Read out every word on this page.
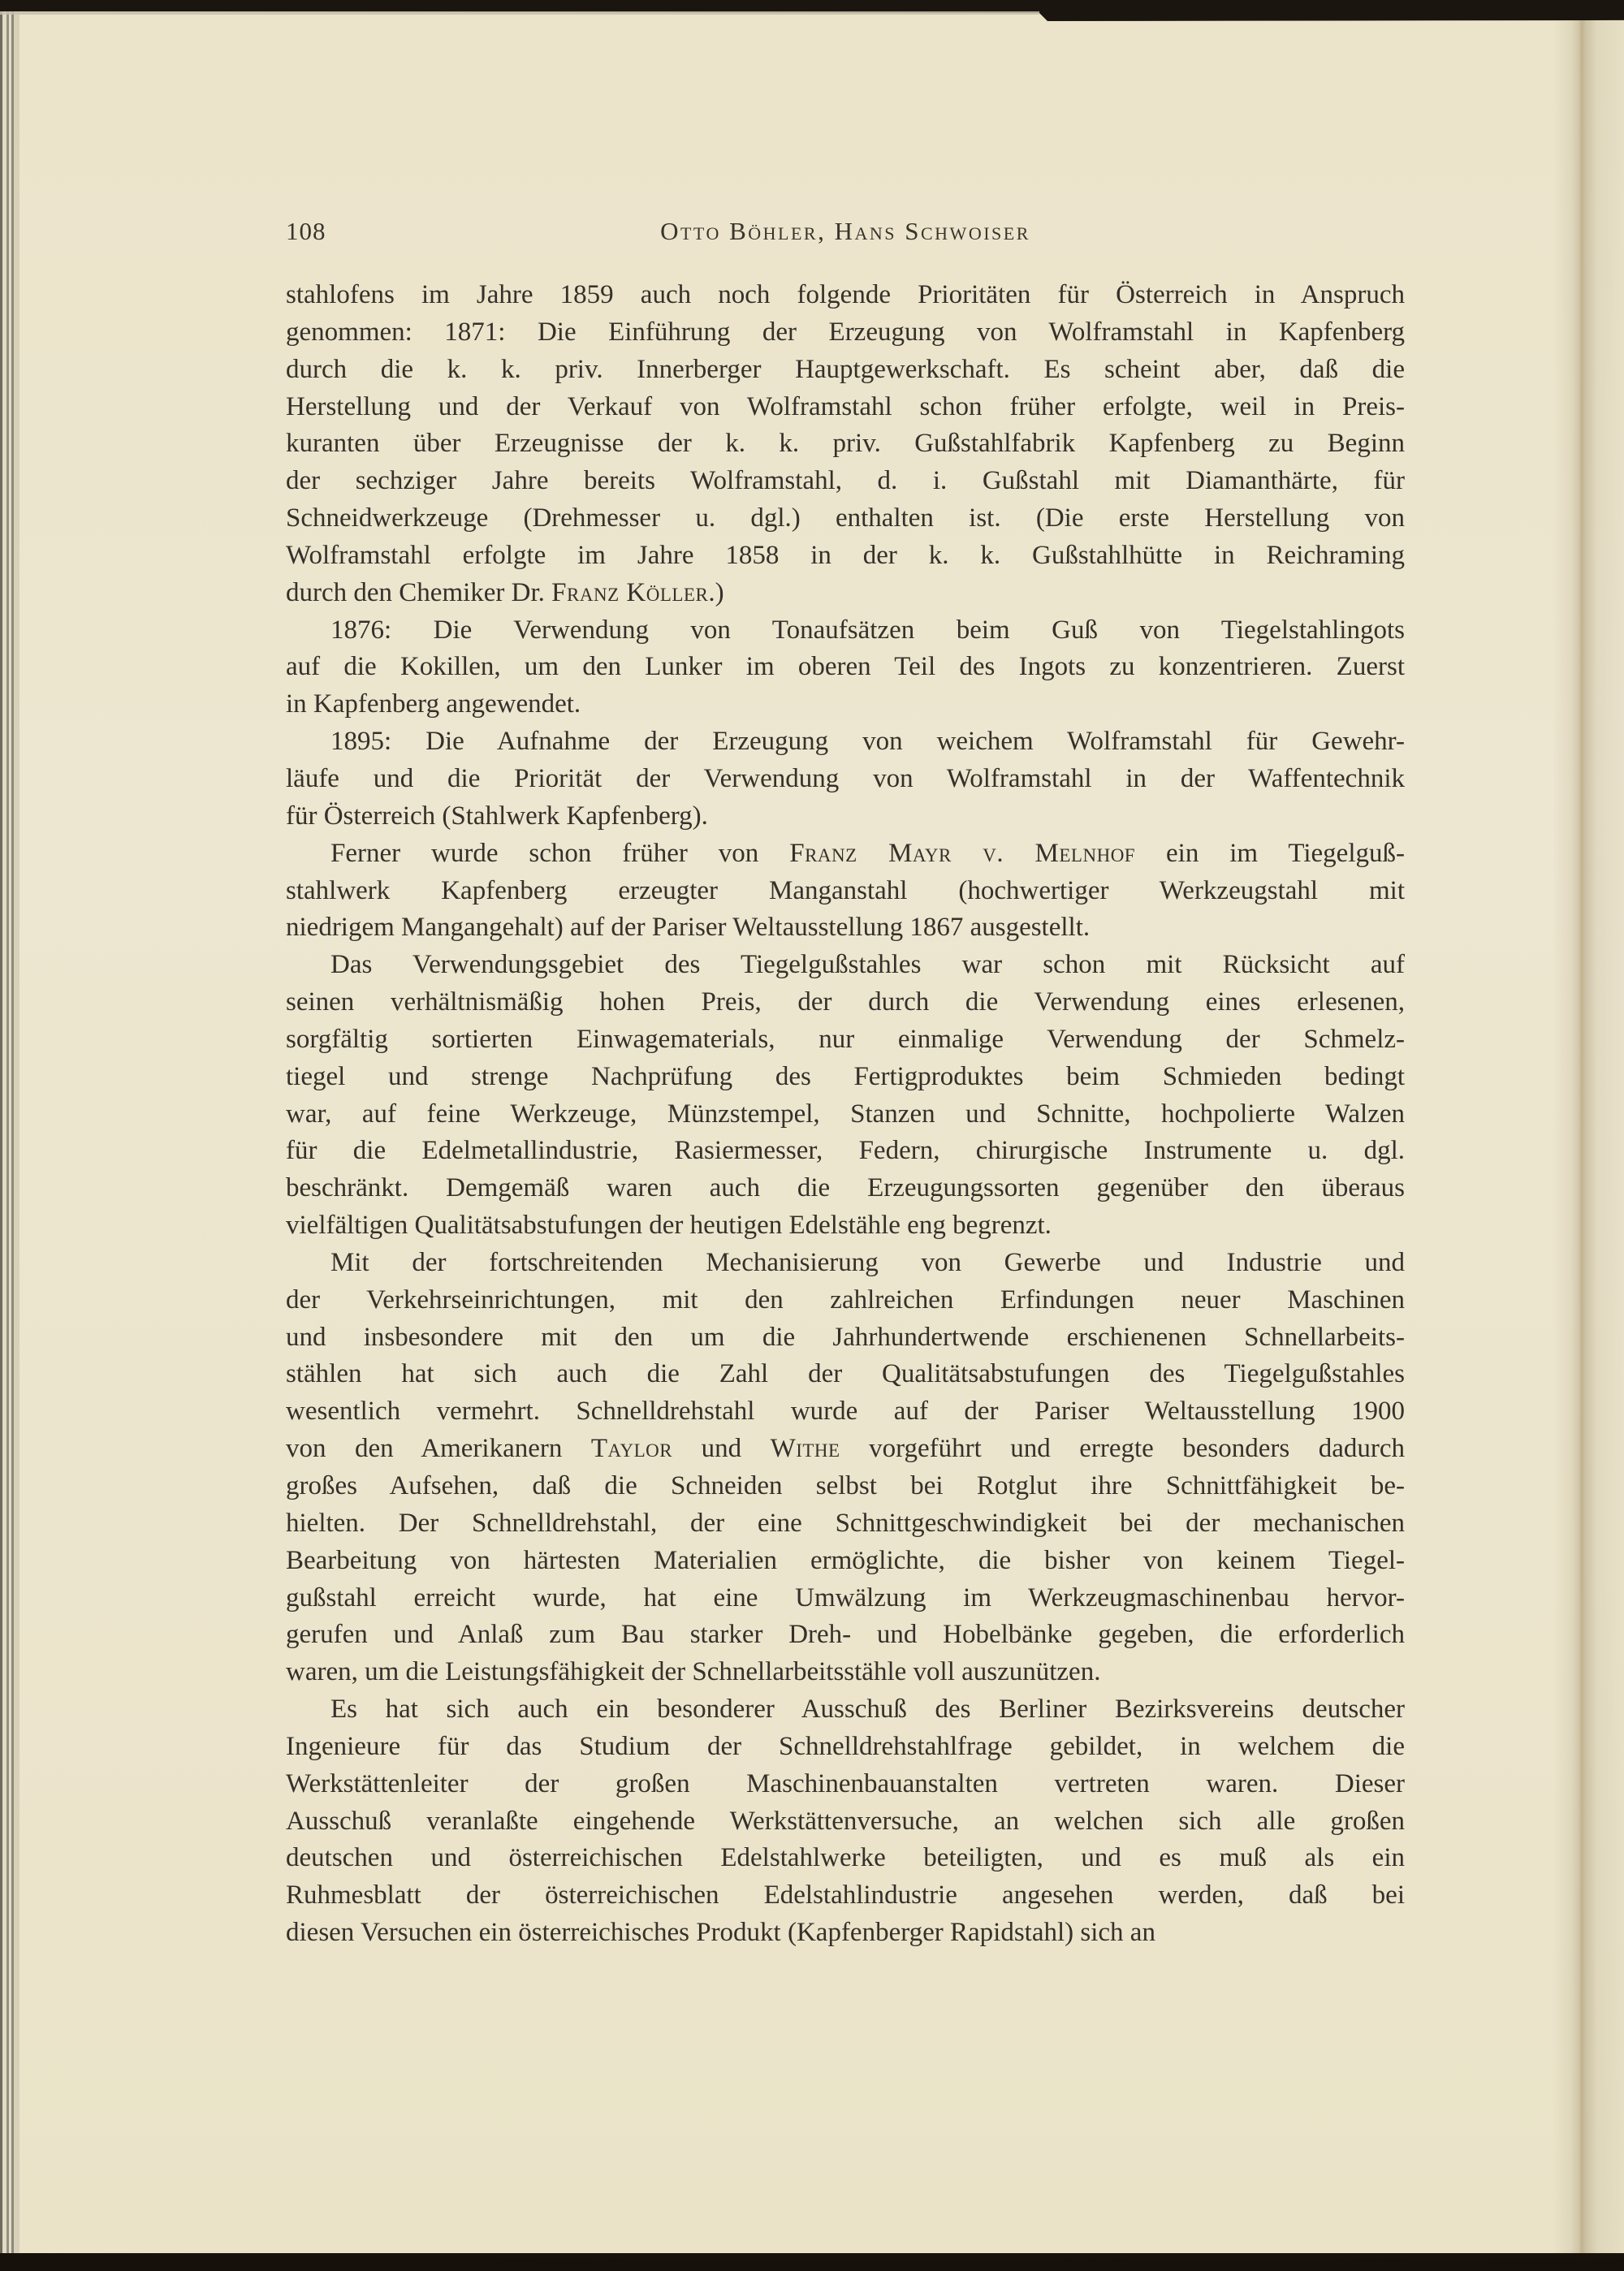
108	Otto Böhler, Hans Schwoiser
stahlofens im Jahre 1859 auch noch folgende Prioritäten für Österreich in Anspruch
genommen: 1871: Die Einführung der Erzeugung von Wolframstahl in Kapfenberg
durch die k. k. priv. Innerberger Hauptgewerkschaft. Es scheint aber, daß die
Herstellung und der Verkauf von Wolframstahl schon früher erfolgte, weil in Preis-
kuranten über Erzeugnisse der k. k. priv. Gußstahlfabrik Kapfenberg zu Beginn
der sechziger Jahre bereits Wolframstahl, d. i. Gußstahl mit Diamanthärte, für
Schneidwerkzeuge (Drehmesser u. dgl.) enthalten ist. (Die erste Herstellung von
Wolframstahl erfolgte im Jahre 1858 in der k. k. Gußstahlhütte in Reichraming
durch den Chemiker Dr. Franz Köller.)
1876: Die Verwendung von Tonaufsätzen beim Guß von Tiegelstahlingots
auf die Kokillen, um den Lunker im oberen Teil des Ingots zu konzentrieren. Zuerst
in Kapfenberg angewendet.
1895: Die Aufnahme der Erzeugung von weichem Wolframstahl für Gewehr-
läufe und die Priorität der Verwendung von Wolframstahl in der Waffentechnik
für Österreich (Stahlwerk Kapfenberg).
Ferner wurde schon früher von Franz Mayr v. Melnhof ein im Tiegelguß-
stahlwerk Kapfenberg erzeugter Manganstahl (hochwertiger Werkzeugstahl mit
niedrigem Mangangehalt) auf der Pariser Weltausstellung 1867 ausgestellt.
Das Verwendungsgebiet des Tiegelgußstahles war schon mit Rücksicht auf
seinen verhältnismäßig hohen Preis, der durch die Verwendung eines erlesenen,
sorgfältig sortierten Einwagematerials, nur einmalige Verwendung der Schmelz-
tiegel und strenge Nachprüfung des Fertigproduktes beim Schmieden bedingt
war, auf feine Werkzeuge, Münzstempel, Stanzen und Schnitte, hochpolierte Walzen
für die Edelmetallindustrie, Rasiermesser, Federn, chirurgische Instrumente u. dgl.
beschränkt. Demgemäß waren auch die Erzeugungssorten gegenüber den überaus
vielfältigen Qualitätsabstufungen der heutigen Edelstähle eng begrenzt.
Mit der fortschreitenden Mechanisierung von Gewerbe und Industrie und
der Verkehrseinrichtungen, mit den zahlreichen Erfindungen neuer Maschinen
und insbesondere mit den um die Jahrhundertwende erschienenen Schnellarbeits-
stählen hat sich auch die Zahl der Qualitätsabstufungen des Tiegelgußstahles
wesentlich vermehrt. Schnelldrehstahl wurde auf der Pariser Weltausstellung 1900
von den Amerikanern Taylor und Withe vorgeführt und erregte besonders dadurch
großes Aufsehen, daß die Schneiden selbst bei Rotglut ihre Schnittfähigkeit be-
hielten. Der Schnelldrehstahl, der eine Schnittgeschwindigkeit bei der mechanischen
Bearbeitung von härtesten Materialien ermöglichte, die bisher von keinem Tiegel-
gußstahl erreicht wurde, hat eine Umwälzung im Werkzeugmaschinenbau hervor-
gerufen und Anlaß zum Bau starker Dreh- und Hobelbänke gegeben, die erforderlich
waren, um die Leistungsfähigkeit der Schnellarbeitsstähle voll auszunützen.
Es hat sich auch ein besonderer Ausschuß des Berliner Bezirksvereins deutscher
Ingenieure für das Studium der Schnelldrehstahlfrage gebildet, in welchem die
Werkstättenleiter der großen Maschinenbauanstalten vertreten waren. Dieser
Ausschuß veranlaßte eingehende Werkstättenversuche, an welchen sich alle großen
deutschen und österreichischen Edelstahlwerke beteiligten, und es muß als ein
Ruhmesblatt der österreichischen Edelstahlindustrie angesehen werden, daß bei
diesen Versuchen ein österreichisches Produkt (Kapfenberger Rapidstahl) sich an
